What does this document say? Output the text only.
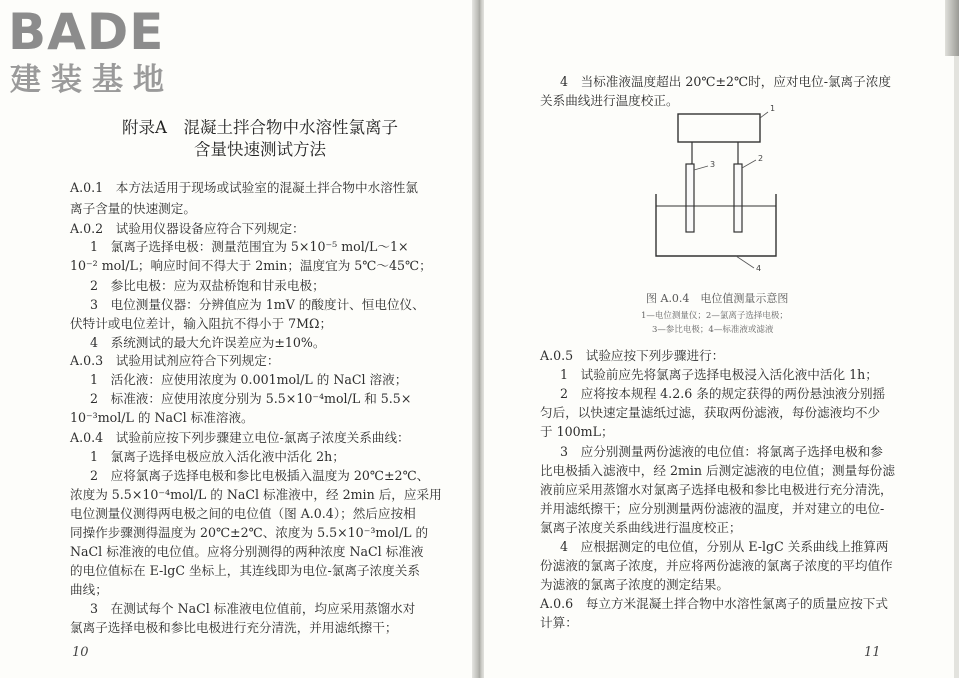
BADE
建装基地
附录A　混凝土拌合物中水溶性氯离子
含量快速测试方法
A.0.1　本方法适用于现场或试验室的混凝土拌合物中水溶性氯
离子含量的快速测定。
A.0.2　试验用仪器设备应符合下列规定：
1　氯离子选择电极：测量范围宜为 5×10⁻⁵ mol/L～1×
10⁻² mol/L；响应时间不得大于 2min；温度宜为 5℃～45℃；
2　参比电极：应为双盐桥饱和甘汞电极；
3　电位测量仪器：分辨值应为 1mV 的酸度计、恒电位仪、
伏特计或电位差计，输入阻抗不得小于 7MΩ；
4　系统测试的最大允许误差应为±10%。
A.0.3　试验用试剂应符合下列规定：
1　活化液：应使用浓度为 0.001mol/L 的 NaCl 溶液；
2　标准液：应使用浓度分别为 5.5×10⁻⁴mol/L 和 5.5×
10⁻³mol/L 的 NaCl 标准溶液。
A.0.4　试验前应按下列步骤建立电位-氯离子浓度关系曲线：
1　氯离子选择电极应放入活化液中活化 2h；
2　应将氯离子选择电极和参比电极插入温度为 20℃±2℃、
浓度为 5.5×10⁻⁴mol/L 的 NaCl 标准液中，经 2min 后，应采用
电位测量仪测得两电极之间的电位值（图 A.0.4）；然后应按相
同操作步骤测得温度为 20℃±2℃、浓度为 5.5×10⁻³mol/L 的
NaCl 标准液的电位值。应将分别测得的两种浓度 NaCl 标准液
的电位值标在 E-lgC 坐标上，其连线即为电位-氯离子浓度关系
曲线；
3　在测试每个 NaCl 标准液电位值前，均应采用蒸馏水对
氯离子选择电极和参比电极进行充分清洗，并用滤纸擦干；
10
4　当标准液温度超出 20℃±2℃时，应对电位-氯离子浓度
关系曲线进行温度校正。
1
2
3
4
图 A.0.4　电位值测量示意图
1—电位测量仪；2—氯离子选择电极；
3—参比电极；4—标准液或滤液
A.0.5　试验应按下列步骤进行：
1　试验前应先将氯离子选择电极浸入活化液中活化 1h；
2　应将按本规程 4.2.6 条的规定获得的两份悬浊液分别摇
匀后，以快速定量滤纸过滤，获取两份滤液，每份滤液均不少
于 100mL；
3　应分别测量两份滤液的电位值：将氯离子选择电极和参
比电极插入滤液中，经 2min 后测定滤液的电位值；测量每份滤
液前应采用蒸馏水对氯离子选择电极和参比电极进行充分清洗，
并用滤纸擦干；应分别测量两份滤液的温度，并对建立的电位-
氯离子浓度关系曲线进行温度校正；
4　应根据测定的电位值，分别从 E-lgC 关系曲线上推算两
份滤液的氯离子浓度，并应将两份滤液的氯离子浓度的平均值作
为滤液的氯离子浓度的测定结果。
A.0.6　每立方米混凝土拌合物中水溶性氯离子的质量应按下式
计算：
11
